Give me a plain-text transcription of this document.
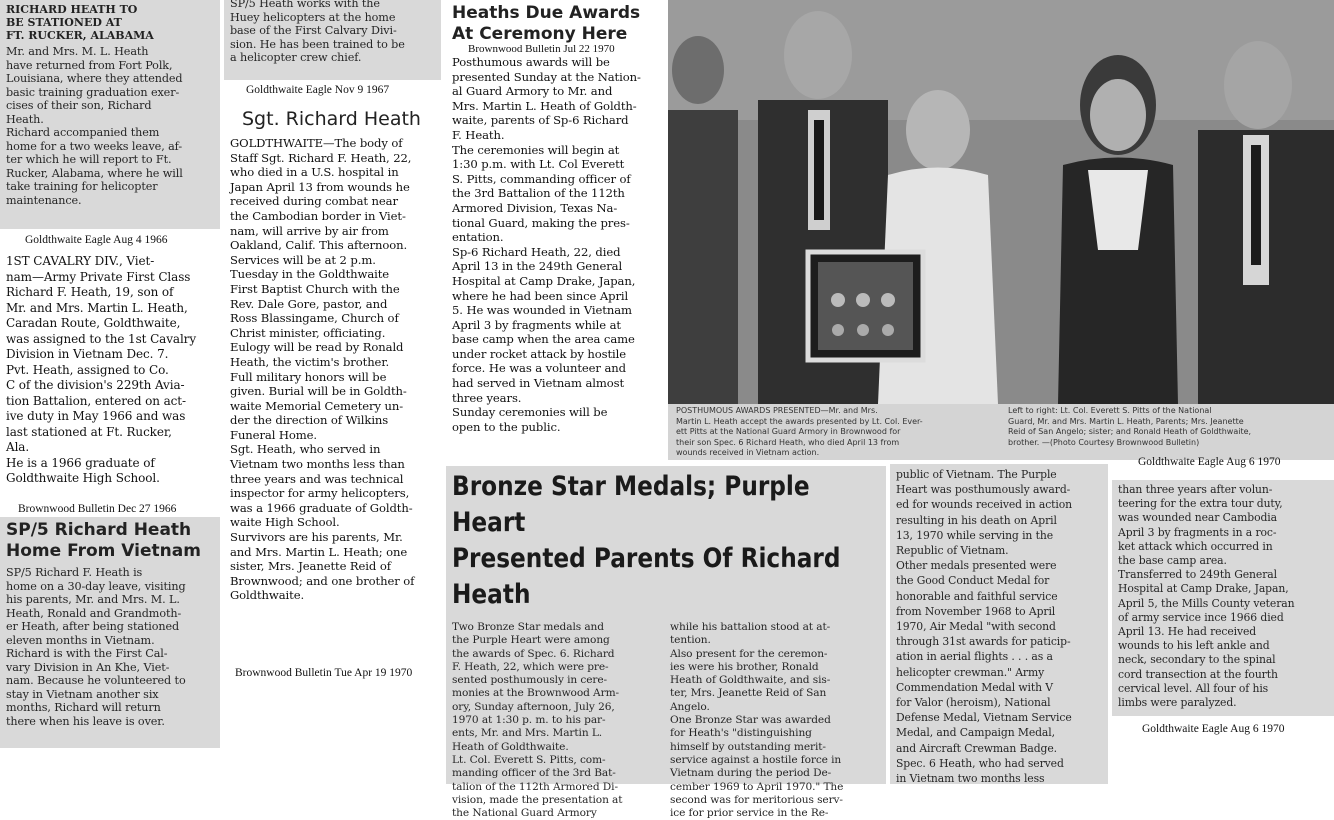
RICHARD HEATH TO
BE STATIONED AT
FT. RUCKER, ALABAMA
Mr. and Mrs. M. L. Heath
have returned from Fort Polk,
Louisiana, where they attended
basic training graduation exer-
cises of their son, Richard
Heath.
Richard accompanied them
home for a two weeks leave, af-
ter which he will report to Ft.
Rucker, Alabama, where he will
take training for helicopter
maintenance.
Goldthwaite Eagle Aug 4 1966
SP/5 Heath works with the
Huey helicopters at the home
base of the First Calvary Divi-
sion. He has been trained to be
a helicopter crew chief.
Goldthwaite Eagle Nov 9 1967
1ST CAVALRY DIV., Viet-
nam—Army Private First Class
Richard F. Heath, 19, son of
Mr. and Mrs. Martin L. Heath,
Caradan Route, Goldthwaite,
was assigned to the 1st Cavalry
Division in Vietnam Dec. 7.
Pvt. Heath, assigned to Co.
C of the division's 229th Avia-
tion Battalion, entered on act-
ive duty in May 1966 and was
last stationed at Ft. Rucker,
Ala.
He is a 1966 graduate of
Goldthwaite High School.
Brownwood Bulletin Dec 27 1966
SP/5 Richard Heath
Home From Vietnam
SP/5 Richard F. Heath is
home on a 30-day leave, visiting
his parents, Mr. and Mrs. M. L.
Heath, Ronald and Grandmoth-
er Heath, after being stationed
eleven months in Vietnam.
Richard is with the First Cal-
vary Division in An Khe, Viet-
nam. Because he volunteered to
stay in Vietnam another six
months, Richard will return
there when his leave is over.
Sgt. Richard Heath
GOLDTHWAITE—The body of
Staff Sgt. Richard F. Heath, 22,
who died in a U.S. hospital in
Japan April 13 from wounds he
received during combat near
the Cambodian border in Viet-
nam, will arrive by air from
Oakland, Calif. This afternoon.
Services will be at 2 p.m.
Tuesday in the Goldthwaite
First Baptist Church with the
Rev. Dale Gore, pastor, and
Ross Blassingame, Church of
Christ minister, officiating.
Eulogy will be read by Ronald
Heath, the victim's brother.
Full military honors will be
given. Burial will be in Goldth-
waite Memorial Cemetery un-
der the direction of Wilkins
Funeral Home.
Sgt. Heath, who served in
Vietnam two months less than
three years and was technical
inspector for army helicopters,
was a 1966 graduate of Goldth-
waite High School.
Survivors are his parents, Mr.
and Mrs. Martin L. Heath; one
sister, Mrs. Jeanette Reid of
Brownwood; and one brother of
Goldthwaite.
Brownwood Bulletin Tue Apr 19 1970
Heaths Due Awards
At Ceremony Here
Brownwood Bulletin Jul 22 1970
Posthumous awards will be
presented Sunday at the Nation-
al Guard Armory to Mr. and
Mrs. Martin L. Heath of Goldth-
waite, parents of Sp-6 Richard
F. Heath.
The ceremonies will begin at
1:30 p.m. with Lt. Col Everett
S. Pitts, commanding officer of
the 3rd Battalion of the 112th
Armored Division, Texas Na-
tional Guard, making the pres-
entation.
Sp-6 Richard Heath, 22, died
April 13 in the 249th General
Hospital at Camp Drake, Japan,
where he had been since April
5. He was wounded in Vietnam
April 3 by fragments while at
base camp when the area came
under rocket attack by hostile
force. He was a volunteer and
had served in Vietnam almost
three years.
Sunday ceremonies will be
open to the public.
POSTHUMOUS AWARDS PRESENTED—Mr. and Mrs.
Martin L. Heath accept the awards presented by Lt. Col. Ever-
ett Pitts at the National Guard Armory in Brownwood for
their son Spec. 6 Richard Heath, who died April 13 from
wounds received in Vietnam action.
Left to right: Lt. Col. Everett S. Pitts of the National
Guard, Mr. and Mrs. Martin L. Heath, Parents; Mrs. Jeanette
Reid of San Angelo; sister; and Ronald Heath of Goldthwaite,
brother. —(Photo Courtesy Brownwood Bulletin)
Goldthwaite Eagle Aug 6 1970
Bronze Star Medals; Purple Heart
Presented Parents Of Richard Heath
Two Bronze Star medals and
the Purple Heart were among
the awards of Spec. 6. Richard
F. Heath, 22, which were pre-
sented posthumously in cere-
monies at the Brownwood Arm-
ory, Sunday afternoon, July 26,
1970 at 1:30 p. m. to his par-
ents, Mr. and Mrs. Martin L.
Heath of Goldthwaite.
Lt. Col. Everett S. Pitts, com-
manding officer of the 3rd Bat-
talion of the 112th Armored Di-
vision, made the presentation at
the National Guard Armory
while his battalion stood at at-
tention.
Also present for the ceremon-
ies were his brother, Ronald
Heath of Goldthwaite, and sis-
ter, Mrs. Jeanette Reid of San
Angelo.
One Bronze Star was awarded
for Heath's "distinguishing
himself by outstanding merit-
service against a hostile force in
Vietnam during the period De-
cember 1969 to April 1970." The
second was for meritorious serv-
ice for prior service in the Re-
public of Vietnam. The Purple
Heart was posthumously award-
ed for wounds received in action
resulting in his death on April
13, 1970 while serving in the
Republic of Vietnam.
Other medals presented were
the Good Conduct Medal for
honorable and faithful service
from November 1968 to April
1970, Air Medal "with second
through 31st awards for paticip-
ation in aerial flights . . . as a
helicopter crewman." Army
Commendation Medal with V
for Valor (heroism), National
Defense Medal, Vietnam Service
Medal, and Campaign Medal,
and Aircraft Crewman Badge.
Spec. 6 Heath, who had served
in Vietnam two months less
than three years after volun-
teering for the extra tour duty,
was wounded near Cambodia
April 3 by fragments in a roc-
ket attack which occurred in
the base camp area.
Transferred to 249th General
Hospital at Camp Drake, Japan,
April 5, the Mills County veteran
of army service ince 1966 died
April 13. He had received
wounds to his left ankle and
neck, secondary to the spinal
cord transection at the fourth
cervical level. All four of his
limbs were paralyzed.
Goldthwaite Eagle Aug 6 1970
